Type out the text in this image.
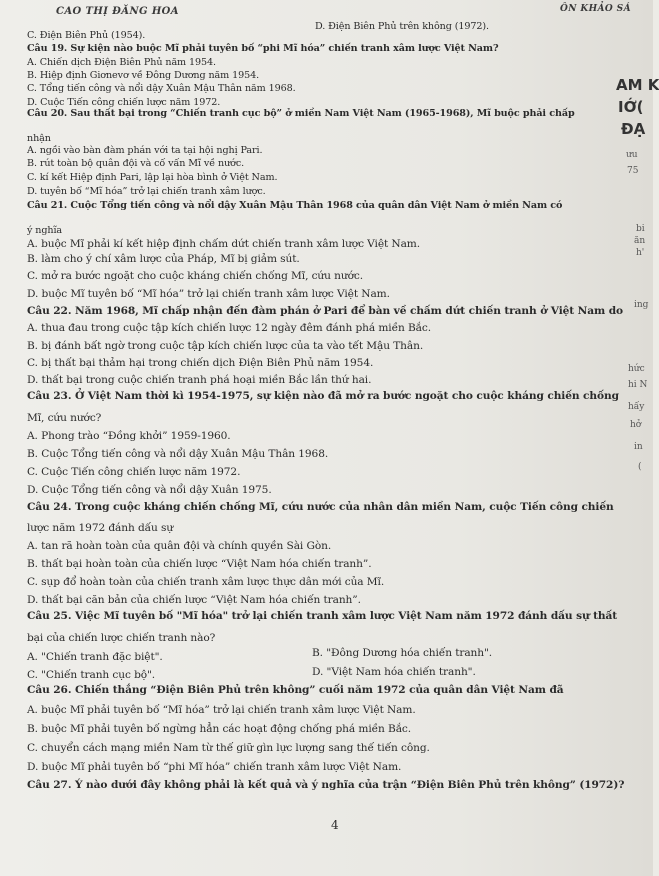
CAO THỊ ĐĂNG HOA	ÔN KHẢO SÁ
C. Điện Biên Phủ (1954).
D. Điện Biên Phủ trên không (1972).
Câu 19. Sự kiện nào buộc Mĩ phải tuyên bố “phi Mĩ hóa” chiến tranh xâm lược Việt Nam?
A. Chiến dịch Điện Biên Phủ năm 1954.
B. Hiệp định Giơnevơ về Đông Dương năm 1954.
C. Tổng tiến công và nổi dậy Xuân Mậu Thân năm 1968.
D. Cuộc Tiến công chiến lược năm 1972.
Câu 20. Sau thất bại trong “Chiến tranh cục bộ” ở miền Nam Việt Nam (1965-1968), Mĩ buộc phải chấp
nhận
A. ngồi vào bàn đàm phán với ta tại hội nghị Pari.
B. rút toàn bộ quân đội và cố vấn Mĩ về nước.
C. kí kết Hiệp định Pari, lập lại hòa bình ở Việt Nam.
D. tuyên bố “Mĩ hóa” trở lại chiến tranh xâm lược.
Câu 21. Cuộc Tổng tiến công và nổi dậy Xuân Mậu Thân 1968 của quân dân Việt Nam ở miền Nam có
ý nghĩa
A. buộc Mĩ phải kí kết hiệp định chấm dứt chiến tranh xâm lược Việt Nam.
B. làm cho ý chí xâm lược của Pháp, Mĩ bị giảm sút.
C. mở ra bước ngoặt cho cuộc kháng chiến chống Mĩ, cứu nước.
D. buộc Mĩ tuyên bố “Mĩ hóa” trở lại chiến tranh xâm lược Việt Nam.
Câu 22. Năm 1968, Mĩ chấp nhận đến đàm phán ở Pari để bàn về chấm dứt chiến tranh ở Việt Nam do
A. thua đau trong cuộc tập kích chiến lược 12 ngày đêm đánh phá miền Bắc.
B. bị đánh bất ngờ trong cuộc tập kích chiến lược của ta vào tết Mậu Thân.
C. bị thất bại thảm hại trong chiến dịch Điện Biên Phủ năm 1954.
D. thất bại trong cuộc chiến tranh phá hoại miền Bắc lần thứ hai.
Câu 23. Ở Việt Nam thời kì 1954-1975, sự kiện nào đã mở ra bước ngoặt cho cuộc kháng chiến chống
Mĩ, cứu nước?
A. Phong trào “Đồng khởi” 1959-1960.
B. Cuộc Tổng tiến công và nổi dậy Xuân Mậu Thân 1968.
C. Cuộc Tiến công chiến lược năm 1972.
D. Cuộc Tổng tiến công và nổi dậy Xuân 1975.
Câu 24. Trong cuộc kháng chiến chống Mĩ, cứu nước của nhân dân miền Nam, cuộc Tiến công chiến
lược năm 1972 đánh dấu sự
A. tan rã hoàn toàn của quân đội và chính quyền Sài Gòn.
B. thất bại hoàn toàn của chiến lược “Việt Nam hóa chiến tranh”.
C. sụp đổ hoàn toàn của chiến tranh xâm lược thực dân mới của Mĩ.
D. thất bại căn bản của chiến lược “Việt Nam hóa chiến tranh”.
Câu 25. Việc Mĩ tuyên bố "Mĩ hóa" trở lại chiến tranh xâm lược Việt Nam năm 1972 đánh dấu sự thất
bại của chiến lược chiến tranh nào?
A. "Chiến tranh đặc biệt".	B. "Đông Dương hóa chiến tranh".
C. "Chiến tranh cục bộ".	D. "Việt Nam hóa chiến tranh".
Câu 26. Chiến thắng “Điện Biên Phủ trên không” cuối năm 1972 của quân dân Việt Nam đã
A. buộc Mĩ phải tuyên bố “Mĩ hóa” trở lại chiến tranh xâm lược Việt Nam.
B. buộc Mĩ phải tuyên bố ngừng hẳn các hoạt động chống phá miền Bắc.
C. chuyển cách mạng miền Nam từ thế giữ gìn lực lượng sang thế tiến công.
D. buộc Mĩ phải tuyên bố “phi Mĩ hóa” chiến tranh xâm lược Việt Nam.
Câu 27. Ý nào dưới đây không phải là kết quả và ý nghĩa của trận “Điện Biên Phủ trên không” (1972)?
4
AM K
IỚ(
ĐẠ
ưu
75
bi
ăn
h'
ing
hức
hi N
hấy
hở
in
(
